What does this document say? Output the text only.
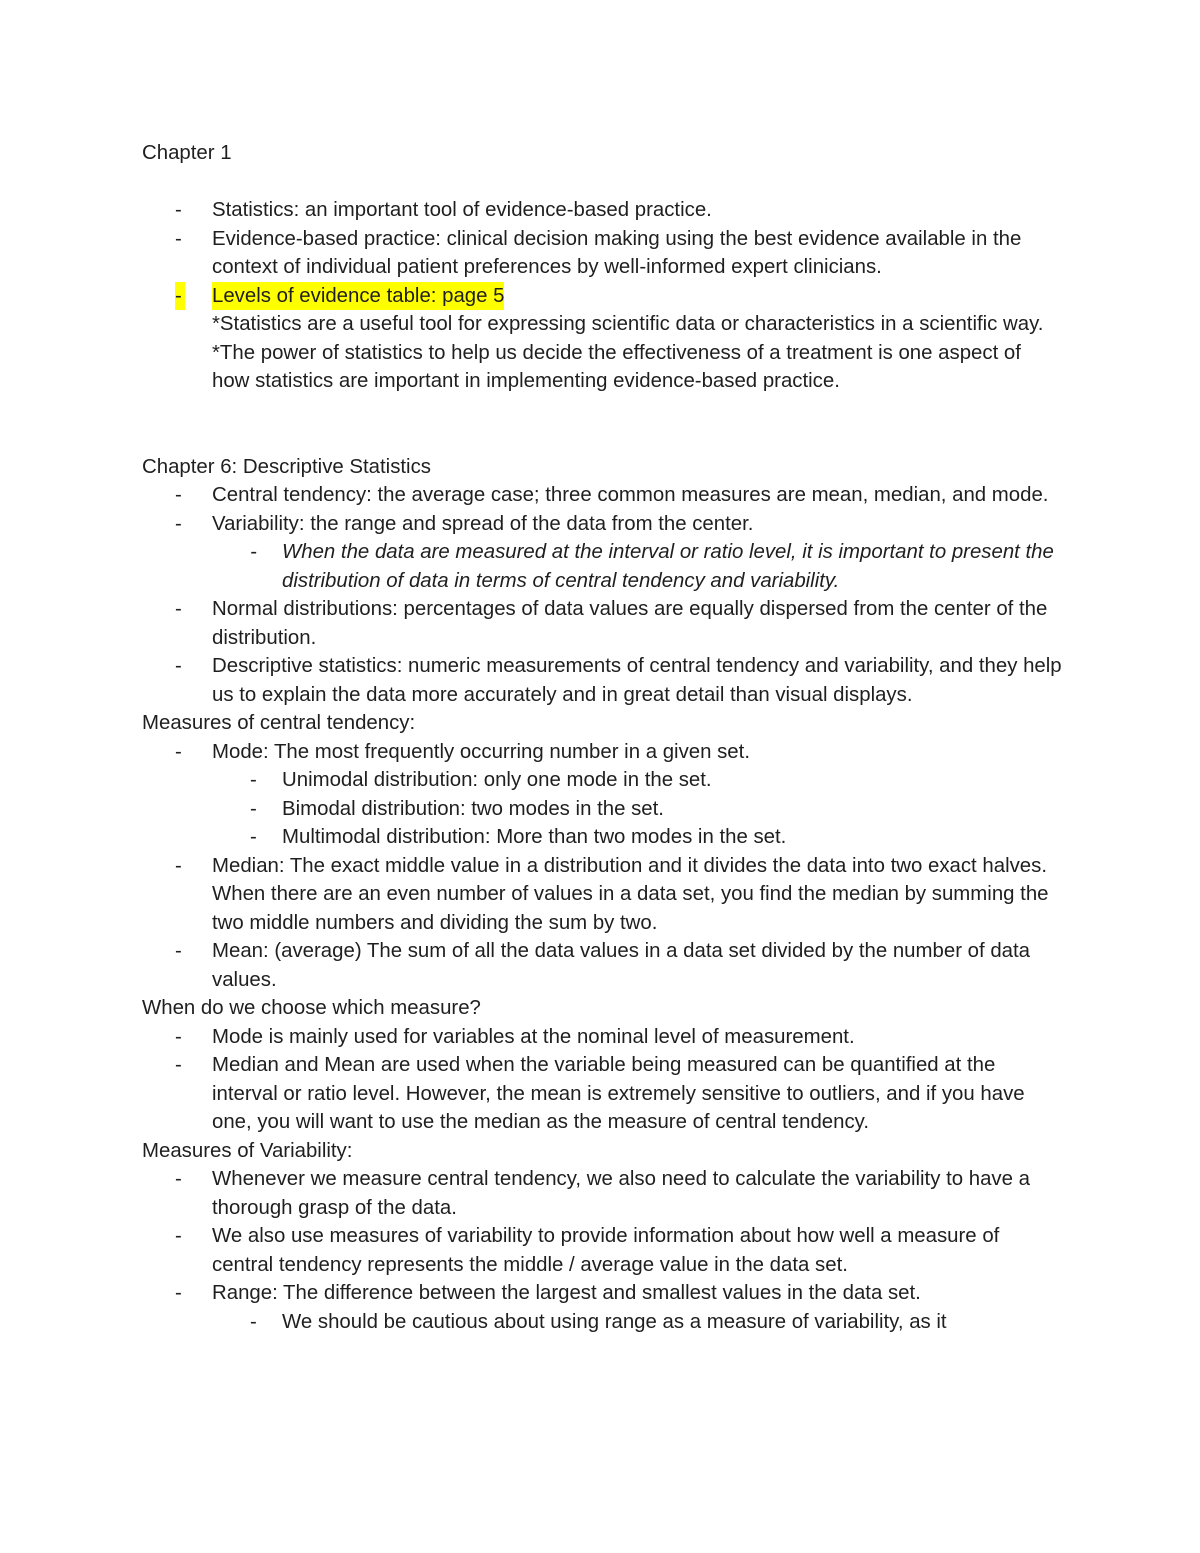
Chapter 1

- Statistics: an important tool of evidence-based practice.
- Evidence-based practice: clinical decision making using the best evidence available in the context of individual patient preferences by well-informed expert clinicians.
- Levels of evidence table: page 5
*Statistics are a useful tool for expressing scientific data or characteristics in a scientific way.
*The power of statistics to help us decide the effectiveness of a treatment is one aspect of how statistics are important in implementing evidence-based practice.

Chapter 6: Descriptive Statistics

- Central tendency: the average case; three common measures are mean, median, and mode.
- Variability: the range and spread of the data from the center.
- When the data are measured at the interval or ratio level, it is important to present the distribution of data in terms of central tendency and variability.
- Normal distributions: percentages of data values are equally dispersed from the center of the distribution.
- Descriptive statistics: numeric measurements of central tendency and variability, and they help us to explain the data more accurately and in great detail than visual displays.

Measures of central tendency:

- Mode: The most frequently occurring number in a given set.
- Unimodal distribution: only one mode in the set.
- Bimodal distribution: two modes in the set.
- Multimodal distribution: More than two modes in the set.
- Median: The exact middle value in a distribution and it divides the data into two exact halves. When there are an even number of values in a data set, you find the median by summing the two middle numbers and dividing the sum by two.
- Mean: (average) The sum of all the data values in a data set divided by the number of data values.

When do we choose which measure?

- Mode is mainly used for variables at the nominal level of measurement.
- Median and Mean are used when the variable being measured can be quantified at the interval or ratio level. However, the mean is extremely sensitive to outliers, and if you have one, you will want to use the median as the measure of central tendency.

Measures of Variability:

- Whenever we measure central tendency, we also need to calculate the variability to have a thorough grasp of the data.
- We also use measures of variability to provide information about how well a measure of central tendency represents the middle / average value in the data set.
- Range: The difference between the largest and smallest values in the data set.
- We should be cautious about using range as a measure of variability, as it
